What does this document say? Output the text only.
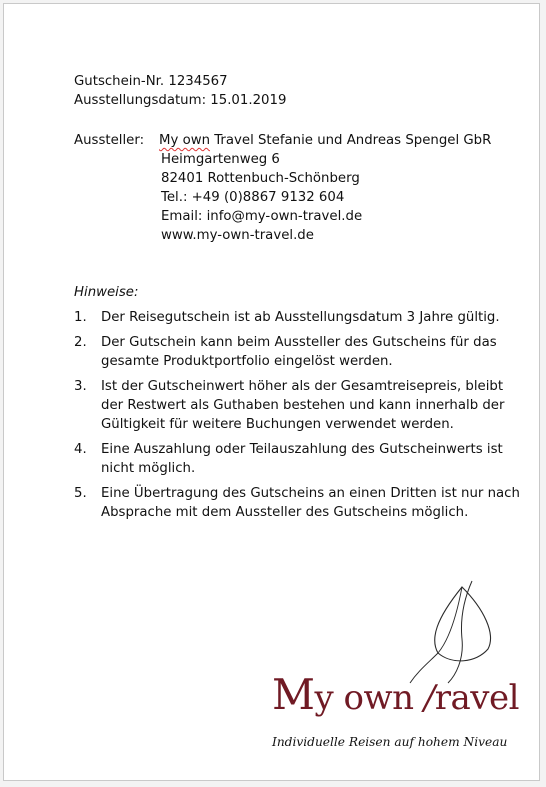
Gutschein-Nr. 1234567
Ausstellungsdatum: 15.01.2019
Aussteller: My own Travel Stefanie und Andreas Spengel GbR
Heimgartenweg 6
82401 Rottenbuch-Schönberg
Tel.: +49 (0)8867 9132 604
Email: info@my-own-travel.de
www.my-own-travel.de
Hinweise:
1. Der Reisegutschein ist ab Ausstellungsdatum 3 Jahre gültig.
2. Der Gutschein kann beim Aussteller des Gutscheins für das gesamte Produktportfolio eingelöst werden.
3. Ist der Gutscheinwert höher als der Gesamtreisepreis, bleibt der Restwert als Guthaben bestehen und kann innerhalb der Gültigkeit für weitere Buchungen verwendet werden.
4. Eine Auszahlung oder Teilauszahlung des Gutscheinwerts ist nicht möglich.
5. Eine Übertragung des Gutscheins an einen Dritten ist nur nach Absprache mit dem Aussteller des Gutscheins möglich.
My own /ravel
Individuelle Reisen auf hohem Niveau
